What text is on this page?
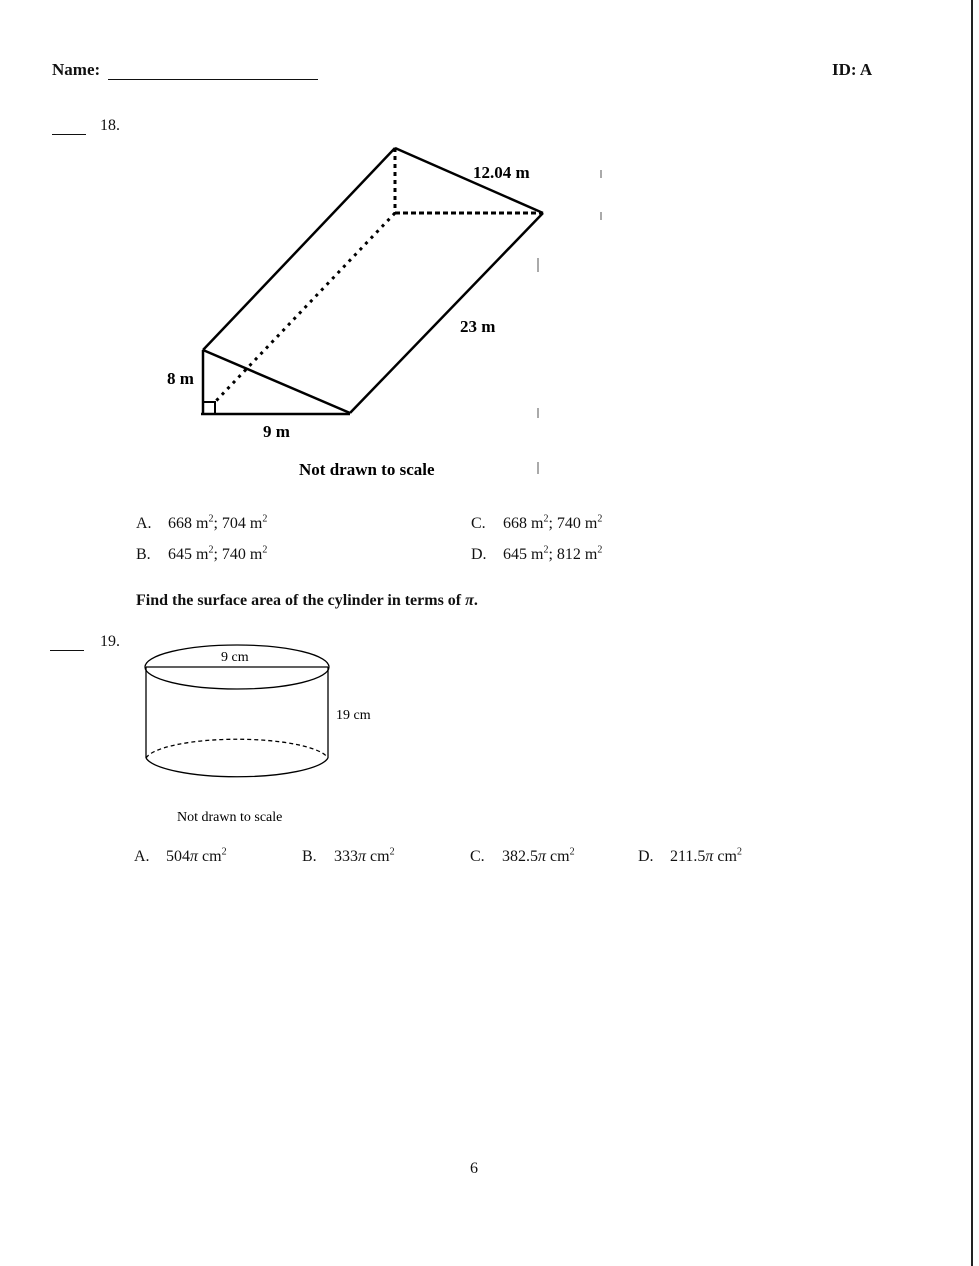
Name:	ID: A
18.
12.04 m
23 m
8 m
9 m
Not drawn to scale
A. 668 $m^2$; 704 $m^2$
B. 645 $m^2$; 740 $m^2$
C. 668 $m^2$; 740 $m^2$
D. 645 $m^2$; 812 $m^2$
Find the surface area of the cylinder in terms of π.
19.
9 cm
19 cm
Not drawn to scale
A. 504π $cm^2$	B. 333π $cm^2$	C. 382.5π $cm^2$	D. 211.5π $cm^2$
6
